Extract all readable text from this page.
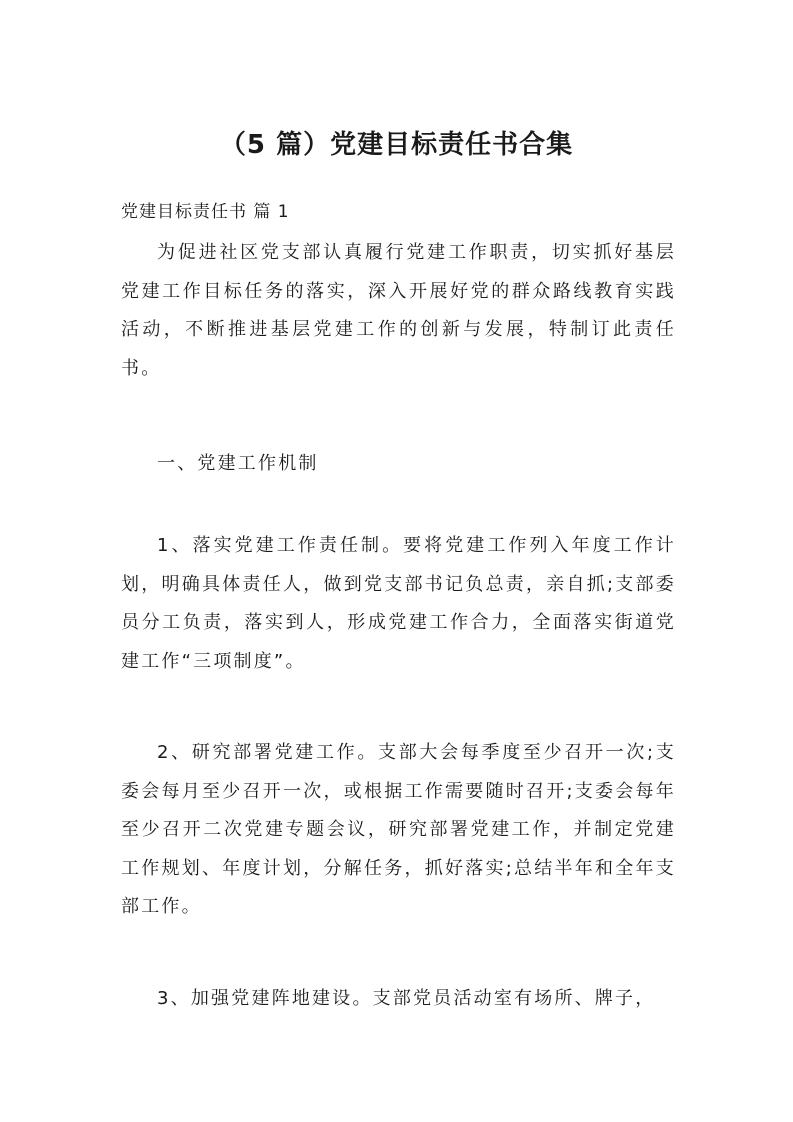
（5 篇）党建目标责任书合集

党建目标责任书 篇 1

为促进社区党支部认真履行党建工作职责，切实抓好基层党建工作目标任务的落实，深入开展好党的群众路线教育实践活动，不断推进基层党建工作的创新与发展，特制订此责任书。

一、党建工作机制

1、落实党建工作责任制。要将党建工作列入年度工作计划，明确具体责任人，做到党支部书记负总责，亲自抓;支部委员分工负责，落实到人，形成党建工作合力，全面落实街道党建工作“三项制度”。

2、研究部署党建工作。支部大会每季度至少召开一次;支委会每月至少召开一次，或根据工作需要随时召开;支委会每年至少召开二次党建专题会议，研究部署党建工作，并制定党建工作规划、年度计划，分解任务，抓好落实;总结半年和全年支部工作。

3、加强党建阵地建设。支部党员活动室有场所、牌子，
